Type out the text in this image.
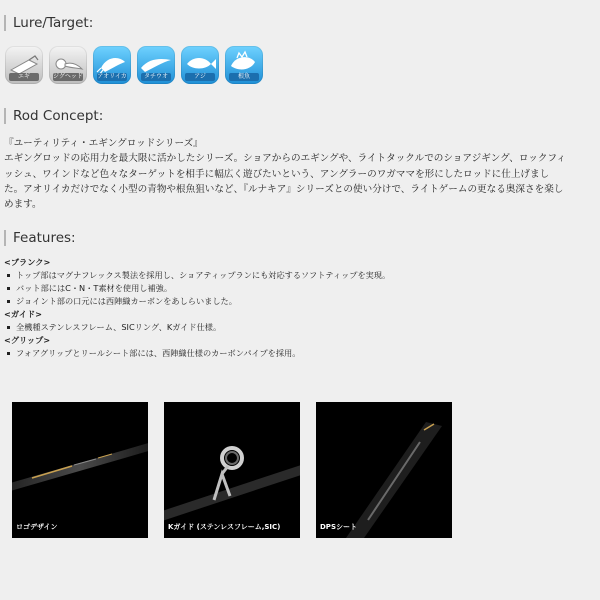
Lure/Target:
エギ	ジグヘッド アオリイカ	タチウオ	アジ	根魚
Rod Concept:

『ユーティリティ・エギングロッドシリーズ』

エギングロッドの応用力を最大限に活かしたシリーズ。ショアからのエギングや、ライトタックルでのショアジギング、ロックフィ

ッシュ、ワインドなど色々なターゲットを相手に幅広く遊びたいという、アングラーのワガママを形にしたロッドに仕上げまし

た。アオリイカだけでなく小型の青物や根魚狙いなど、『ルナキア』シリーズとの使い分けで、ライトゲームの更なる奥深さを楽し

めます。

Features:
<ブランク>
トップ部はマグナフレックス製法を採用し、ショアティップランにも対応するソフトティップを実現。
バット部にはC・N・T素材を使用し補強。
ジョイント部の口元には西陣織カーボンをあしらいました。
<ガイド>
全機種ステンレスフレーム、SICリング、Kガイド仕様。
<グリップ>
フォアグリップとリールシート部には、西陣織仕様のカーボンパイプを採用。
ロゴデザイン	Kガイド (ステンレスフレーム,SIC)	DPSシート
